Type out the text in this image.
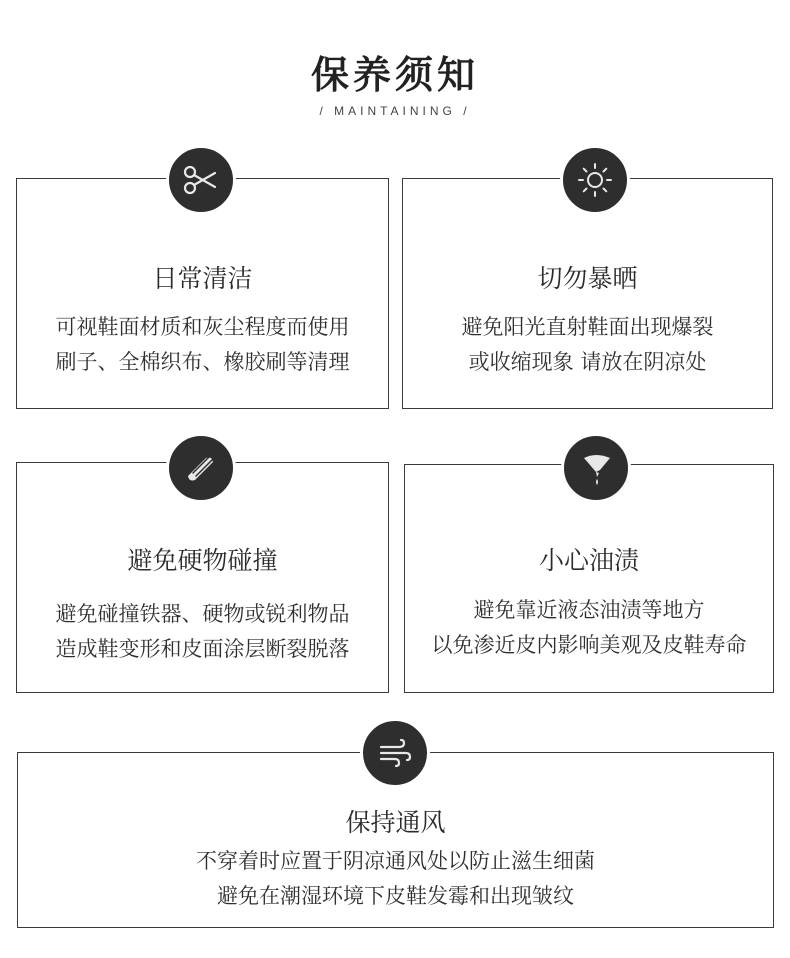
保养须知
/ MAINTAINING /
日常清洁
可视鞋面材质和灰尘程度而使用
刷子、全棉织布、橡胶刷等清理
切勿暴晒
避免阳光直射鞋面出现爆裂
或收缩现象 请放在阴凉处
避免硬物碰撞
避免碰撞铁器、硬物或锐利物品
造成鞋变形和皮面涂层断裂脱落
小心油渍
避免靠近液态油渍等地方
以免渗近皮内影响美观及皮鞋寿命
保持通风
不穿着时应置于阴凉通风处以防止滋生细菌
避免在潮湿环境下皮鞋发霉和出现皱纹
